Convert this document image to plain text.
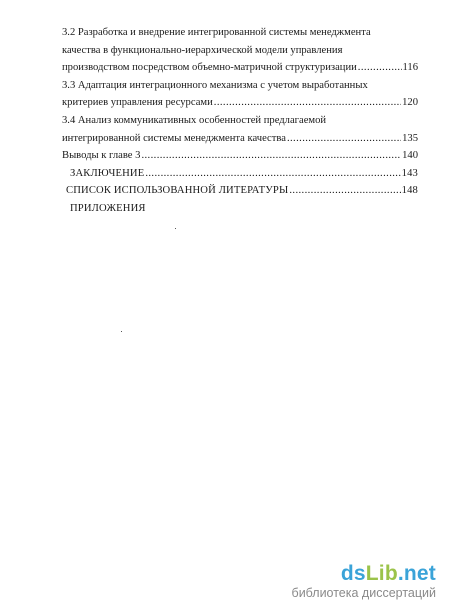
3.2 Разработка и внедрение интегрированной системы менеджмента
качества в функционально-иерархической модели управления
производством посредством объемно-матричной структуризации .....	116
3.3 Адаптация интеграционного механизма с учетом выработанных
критериев управления ресурсами .....	120
3.4 Анализ коммуникативных особенностей предлагаемой
интегрированной системы менеджмента качества .....	135
Выводы к главе 3 .....	140
ЗАКЛЮЧЕНИЕ .....	143
СПИСОК ИСПОЛЬЗОВАННОЙ ЛИТЕРАТУРЫ .....	148
ПРИЛОЖЕНИЯ
dsLib.net
библиотека диссертаций
